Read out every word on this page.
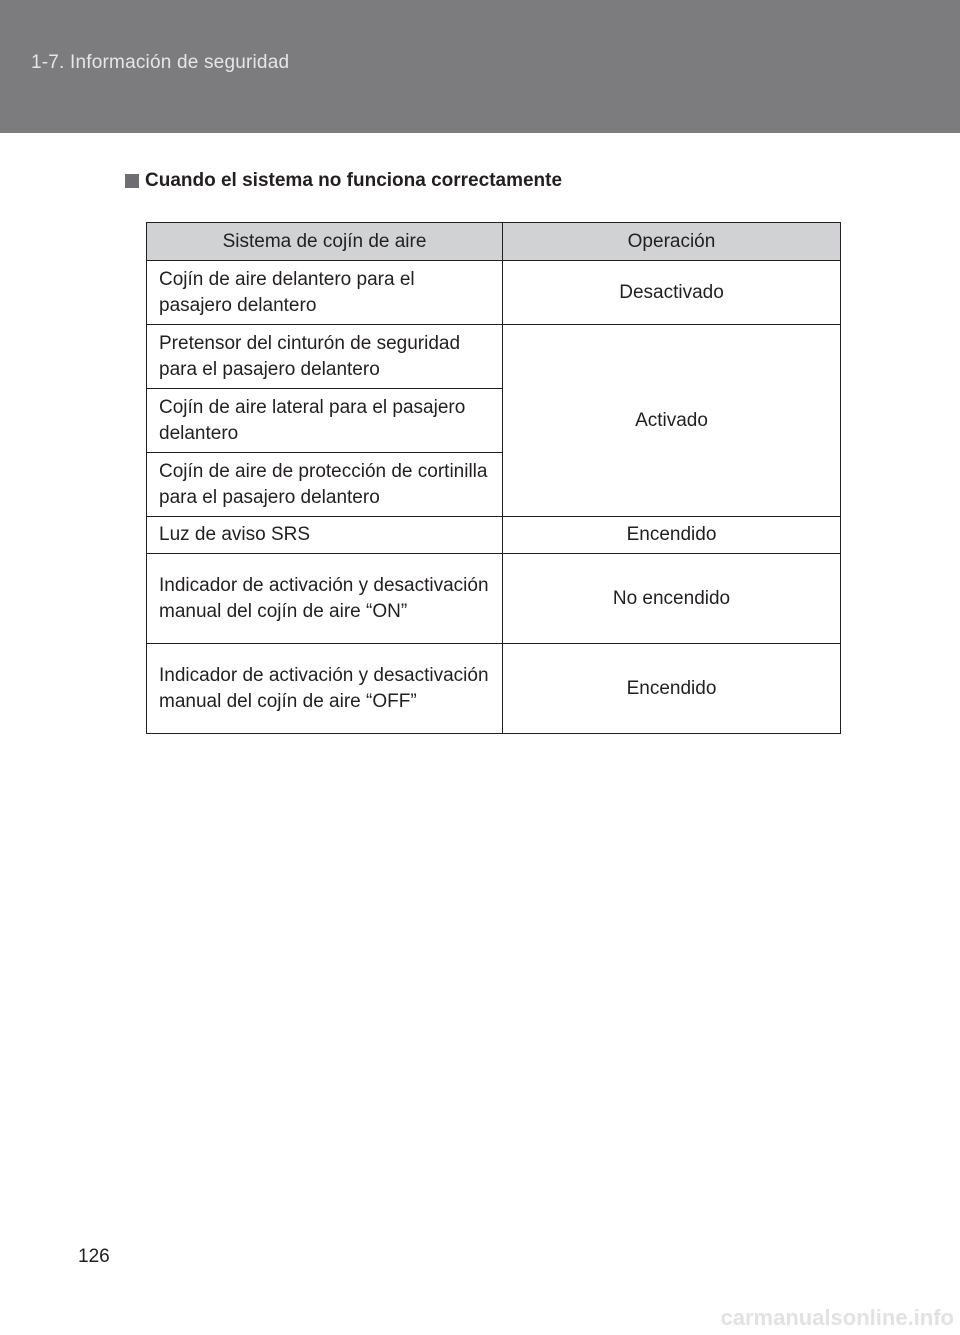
1-7. Información de seguridad
Cuando el sistema no funciona correctamente
Sistema de cojín de aire	Operación
Cojín de aire delantero para el pasajero delantero	Desactivado
Pretensor del cinturón de seguridad para el pasajero delantero	Activado
Cojín de aire lateral para el pasajero delantero	
Cojín de aire de protección de cortinilla para el pasajero delantero	
Luz de aviso SRS	Encendido
Indicador de activación y desactivación manual del cojín de aire “ON”	No encendido
Indicador de activación y desactivación manual del cojín de aire “OFF”	Encendido
126
carmanualsonline.info
